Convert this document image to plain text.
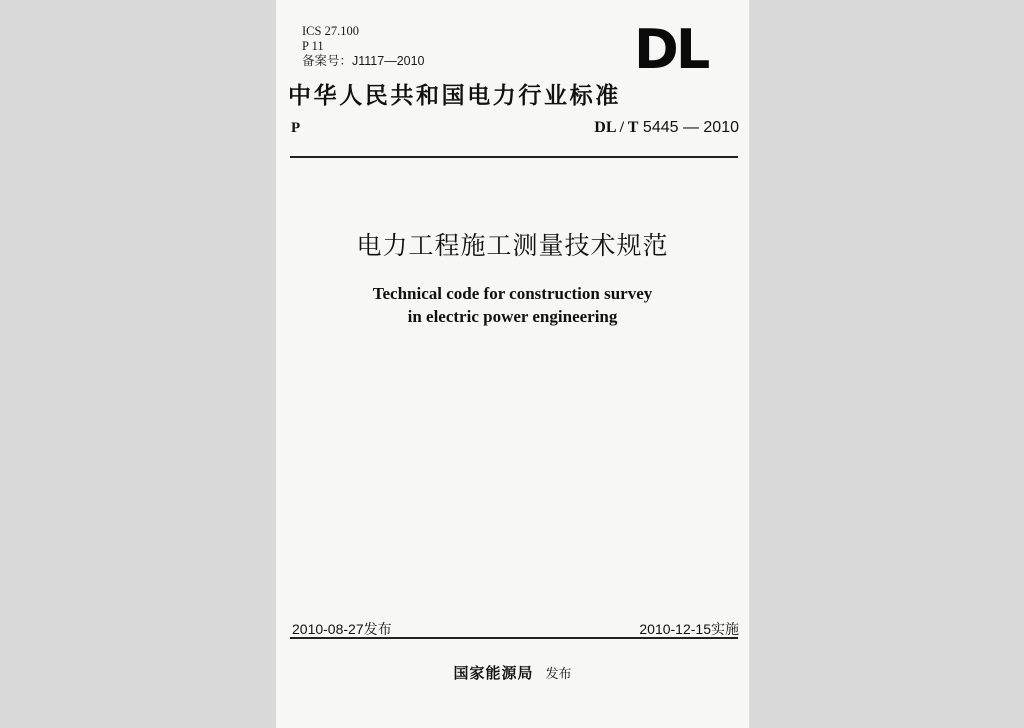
ICS 27.100
P 11
备案号：J1117—2010	DL
中华人民共和国电力行业标准
P	DL / T 5445 — 2010
电力工程施工测量技术规范
Technical code for construction survey
in electric power engineering
2010-08-27发布	2010-12-15实施
国家能源局 发布
